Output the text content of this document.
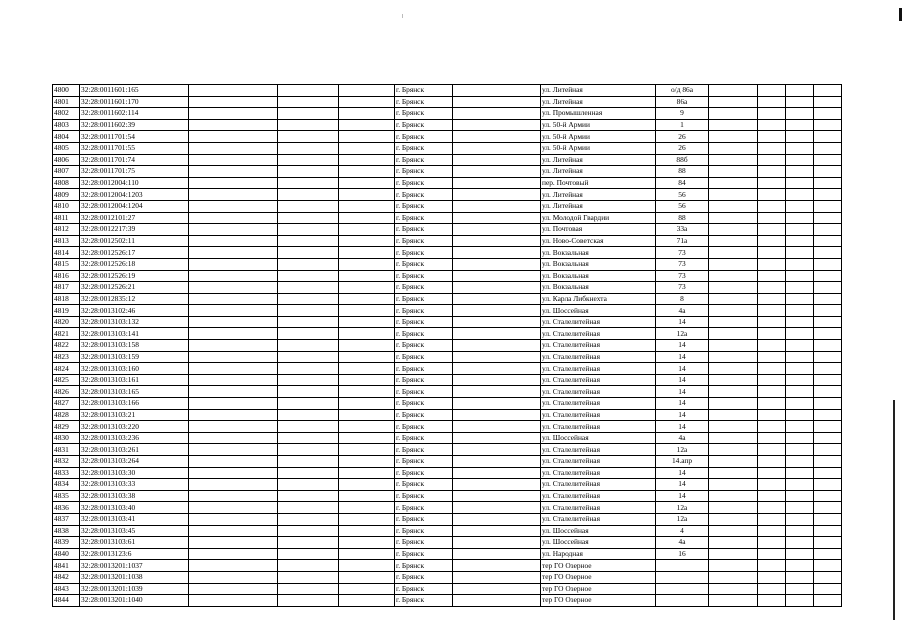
4800	32:28:0011601:165				г. Брянск		ул. Литейная	о/д 86а				
4801	32:28:0011601:170				г. Брянск		ул. Литейная	86а				
4802	32:28:0011602:114				г. Брянск		ул. Промышленная	9				
4803	32:28:0011602:39				г. Брянск		ул. 50-й Армии	1				
4804	32:28:0011701:54				г. Брянск		ул. 50-й Армии	26				
4805	32:28:0011701:55				г. Брянск		ул. 50-й Армии	26				
4806	32:28:0011701:74				г. Брянск		ул. Литейная	88б				
4807	32:28:0011701:75				г. Брянск		ул. Литейная	88				
4808	32:28:0012004:110				г. Брянск		пер. Почтовый	84				
4809	32:28:0012004:1203				г. Брянск		ул. Литейная	56				
4810	32:28:0012004:1204				г. Брянск		ул. Литейная	56				
4811	32:28:0012101:27				г. Брянск		ул. Молодой Гвардии	88				
4812	32:28:0012217:39				г. Брянск		ул. Почтовая	33а				
4813	32:28:0012502:11				г. Брянск		ул. Ново-Советская	71а				
4814	32:28:0012526:17				г. Брянск		ул. Вокзальная	73				
4815	32:28:0012526:18				г. Брянск		ул. Вокзальная	73				
4816	32:28:0012526:19				г. Брянск		ул. Вокзальная	73				
4817	32:28:0012526:21				г. Брянск		ул. Вокзальная	73				
4818	32:28:0012835:12				г. Брянск		ул. Карла Либкнехта	8				
4819	32:28:0013102:46				г. Брянск		ул. Шоссейная	4а				
4820	32:28:0013103:132				г. Брянск		ул. Сталелитейная	14				
4821	32:28:0013103:141				г. Брянск		ул. Сталелитейная	12а				
4822	32:28:0013103:158				г. Брянск		ул. Сталелитейная	14				
4823	32:28:0013103:159				г. Брянск		ул. Сталелитейная	14				
4824	32:28:0013103:160				г. Брянск		ул. Сталелитейная	14				
4825	32:28:0013103:161				г. Брянск		ул. Сталелитейная	14				
4826	32:28:0013103:165				г. Брянск		ул. Сталелитейная	14				
4827	32:28:0013103:166				г. Брянск		ул. Сталелитейная	14				
4828	32:28:0013103:21				г. Брянск		ул. Сталелитейная	14				
4829	32:28:0013103:220				г. Брянск		ул. Сталелитейная	14				
4830	32:28:0013103:236				г. Брянск		ул. Шоссейная	4а				
4831	32:28:0013103:261				г. Брянск		ул. Сталелитейная	12а				
4832	32:28:0013103:264				г. Брянск		ул. Сталелитейная	14.апр				
4833	32:28:0013103:30				г. Брянск		ул. Сталелитейная	14				
4834	32:28:0013103:33				г. Брянск		ул. Сталелитейная	14				
4835	32:28:0013103:38				г. Брянск		ул. Сталелитейная	14				
4836	32:28:0013103:40				г. Брянск		ул. Сталелитейная	12а				
4837	32:28:0013103:41				г. Брянск		ул. Сталелитейная	12а				
4838	32:28:0013103:45				г. Брянск		ул. Шоссейная	4				
4839	32:28:0013103:61				г. Брянск		ул. Шоссейная	4а				
4840	32:28:0013123:6				г. Брянск		ул. Народная	16				
4841	32:28:0013201:1037				г. Брянск		тер ГО Озерное					
4842	32:28:0013201:1038				г. Брянск		тер ГО Озерное					
4843	32:28:0013201:1039				г. Брянск		тер ГО Озерное					
4844	32:28:0013201:1040				г. Брянск		тер ГО Озерное					
